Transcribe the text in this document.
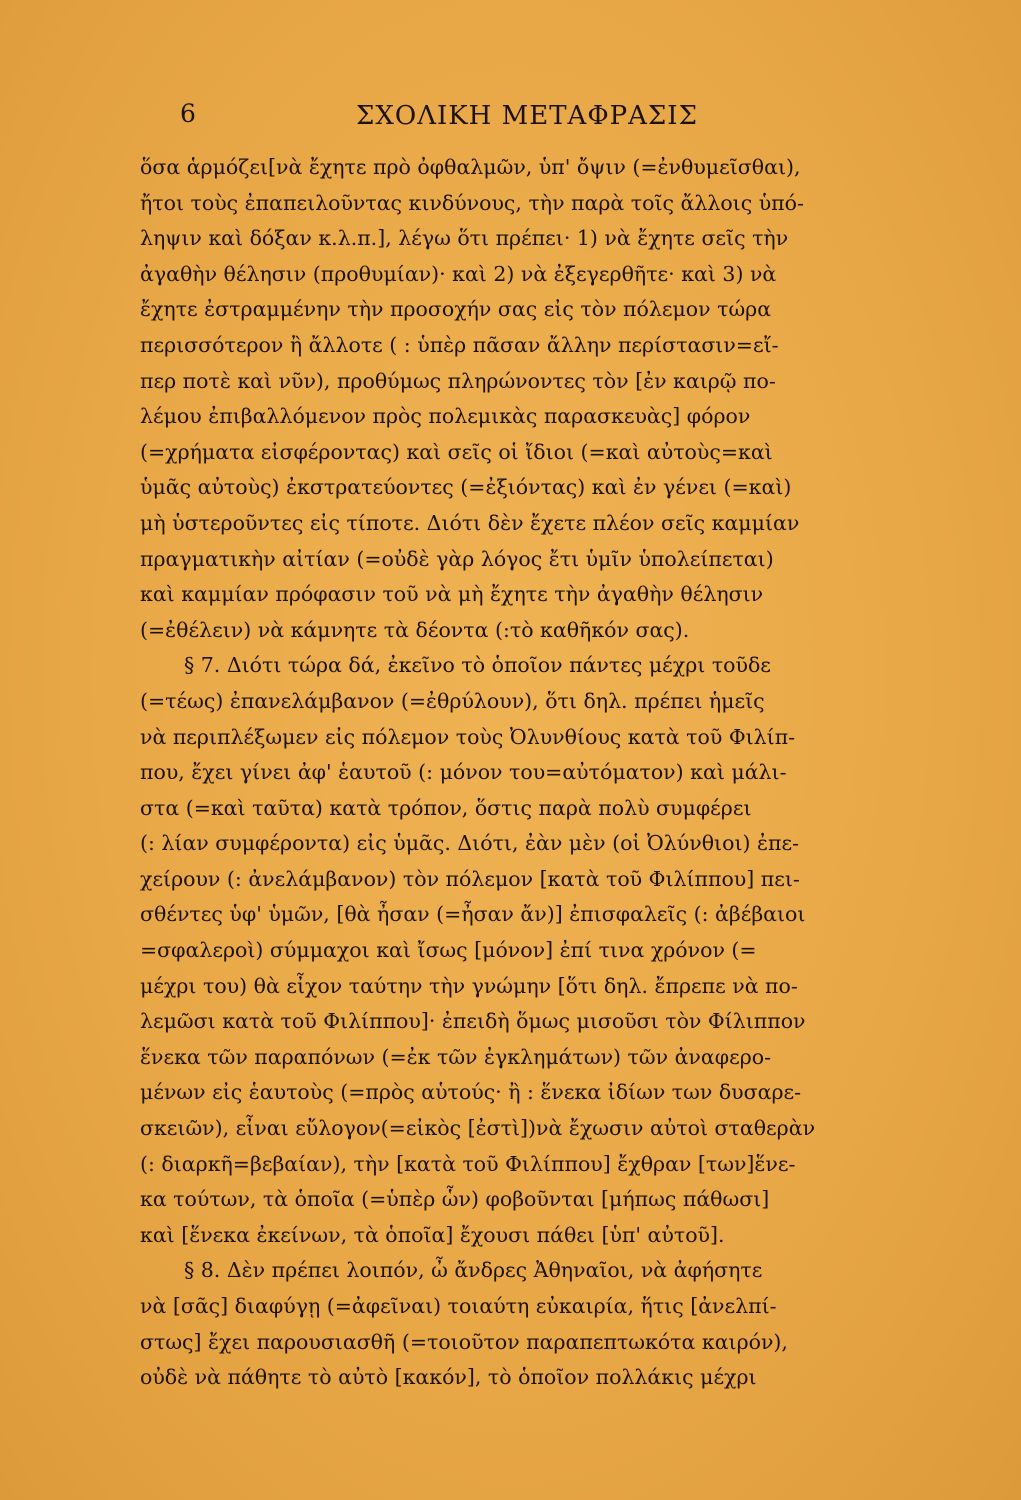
6	ΣΧΟΛΙΚΗ ΜΕΤΑΦΡΑΣΙΣ
ὅσα ἁρμόζει[νὰ ἔχητε πρὸ ὀφθαλμῶν, ὑπ' ὄψιν (=ἐνθυμεῖσθαι),
ἤτοι τοὺς ἐπαπειλοῦντας κινδύνους, τὴν παρὰ τοῖς ἄλλοις ὑπό-
ληψιν καὶ δόξαν κ.λ.π.], λέγω ὅτι πρέπει· 1) νὰ ἔχητε σεῖς τὴν
ἀγαθὴν θέλησιν (προθυμίαν)· καὶ 2) νὰ ἐξεγερθῆτε· καὶ 3) νὰ
ἔχητε ἐστραμμένην τὴν προσοχήν σας εἰς τὸν πόλεμον τώρα
περισσότερον ἢ ἄλλοτε ( : ὑπὲρ πᾶσαν ἄλλην περίστασιν=εἴ-
περ ποτὲ καὶ νῦν), προθύμως πληρώνοντες τὸν [ἐν καιρῷ πο-
λέμου ἐπιβαλλόμενον πρὸς πολεμικὰς παρασκευὰς] φόρον
(=χρήματα εἰσφέροντας) καὶ σεῖς οἱ ἴδιοι (=καὶ αὐτοὺς=καὶ
ὑμᾶς αὐτοὺς) ἐκστρατεύοντες (=ἐξιόντας) καὶ ἐν γένει (=καὶ)
μὴ ὑστεροῦντες εἰς τίποτε. Διότι δὲν ἔχετε πλέον σεῖς καμμίαν
πραγματικὴν αἰτίαν (=οὐδὲ γὰρ λόγος ἔτι ὑμῖν ὑπολείπεται)
καὶ καμμίαν πρόφασιν τοῦ νὰ μὴ ἔχητε τὴν ἀγαθὴν θέλησιν
(=ἐθέλειν) νὰ κάμνητε τὰ δέοντα (:τὸ καθῆκόν σας).
§ 7. Διότι τώρα δά, ἐκεῖνο τὸ ὁποῖον πάντες μέχρι τοῦδε
(=τέως) ἐπανελάμβανον (=ἐθρύλουν), ὅτι δηλ. πρέπει ἡμεῖς
νὰ περιπλέξωμεν εἰς πόλεμον τοὺς Ὀλυνθίους κατὰ τοῦ Φιλίπ-
που, ἔχει γίνει ἀφ' ἑαυτοῦ (: μόνον του=αὐτόματον) καὶ μάλι-
στα (=καὶ ταῦτα) κατὰ τρόπον, ὅστις παρὰ πολὺ συμφέρει
(: λίαν συμφέροντα) εἰς ὑμᾶς. Διότι, ἐὰν μὲν (οἱ Ὀλύνθιοι) ἐπε-
χείρουν (: ἀνελάμβανον) τὸν πόλεμον [κατὰ τοῦ Φιλίππου] πει-
σθέντες ὑφ' ὑμῶν, [θὰ ἦσαν (=ἦσαν ἄν)] ἐπισφαλεῖς (: ἀβέβαιοι
=σφαλεροὶ) σύμμαχοι καὶ ἴσως [μόνον] ἐπί τινα χρόνον (=
μέχρι του) θὰ εἶχον ταύτην τὴν γνώμην [ὅτι δηλ. ἔπρεπε νὰ πο-
λεμῶσι κατὰ τοῦ Φιλίππου]· ἐπειδὴ ὅμως μισοῦσι τὸν Φίλιππον
ἕνεκα τῶν παραπόνων (=ἐκ τῶν ἐγκλημάτων) τῶν ἀναφερο-
μένων εἰς ἑαυτοὺς (=πρὸς αὑτούς· ἢ : ἕνεκα ἰδίων των δυσαρε-
σκειῶν), εἶναι εὔλογον(=εἰκὸς [ἐστὶ])νὰ ἔχωσιν αὐτοὶ σταθερὰν
(: διαρκῆ=βεβαίαν), τὴν [κατὰ τοῦ Φιλίππου] ἔχθραν [των]ἕνε-
κα τούτων, τὰ ὁποῖα (=ὑπὲρ ὧν) φοβοῦνται [μήπως πάθωσι]
καὶ [ἕνεκα ἐκείνων, τὰ ὁποῖα] ἔχουσι πάθει [ὑπ' αὐτοῦ].
§ 8. Δὲν πρέπει λοιπόν, ὦ ἄνδρες Ἀθηναῖοι, νὰ ἀφήσητε
νὰ [σᾶς] διαφύγῃ (=ἀφεῖναι) τοιαύτη εὐκαιρία, ἥτις [ἀνελπί-
στως] ἔχει παρουσιασθῆ (=τοιοῦτον παραπεπτωκότα καιρόν),
οὐδὲ νὰ πάθητε τὸ αὐτὸ [κακόν], τὸ ὁποῖον πολλάκις μέχρι
